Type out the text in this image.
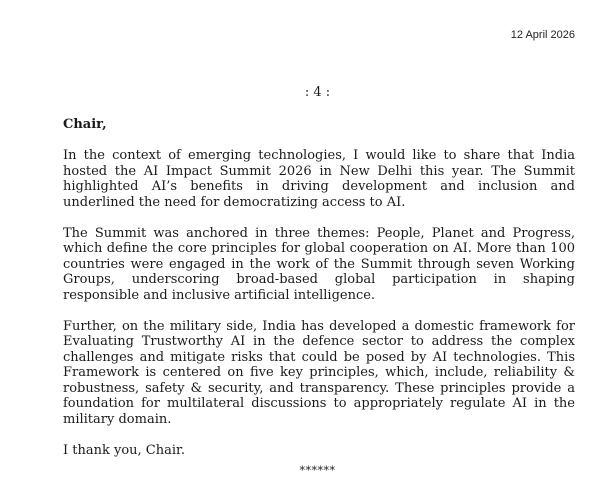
12 April 2026

: 4 :

Chair,

In the context of emerging technologies, I would like to share that India hosted the AI Impact Summit 2026 in New Delhi this year. The Summit highlighted AI’s benefits in driving development and inclusion and underlined the need for democratizing access to AI.

The Summit was anchored in three themes: People, Planet and Progress, which define the core principles for global cooperation on AI. More than 100 countries were engaged in the work of the Summit through seven Working Groups, underscoring broad-based global participation in shaping responsible and inclusive artificial intelligence.

Further, on the military side, India has developed a domestic framework for Evaluating Trustworthy AI in the defence sector to address the complex challenges and mitigate risks that could be posed by AI technologies. This Framework is centered on five key principles, which, include, reliability & robustness, safety & security, and transparency. These principles provide a foundation for multilateral discussions to appropriately regulate AI in the military domain.

I thank you, Chair.

******
